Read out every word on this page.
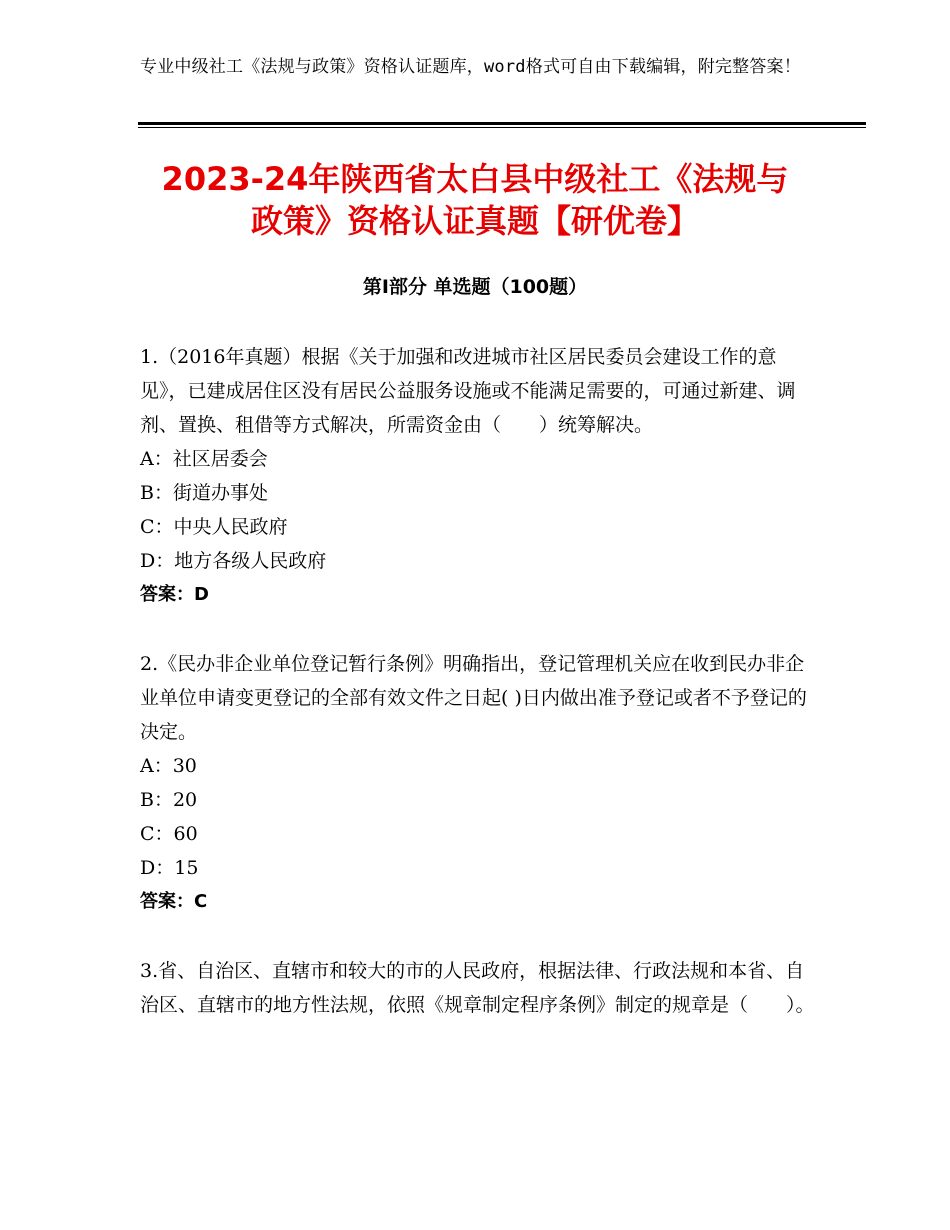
专业中级社工《法规与政策》资格认证题库，word格式可自由下载编辑，附完整答案！
2023-24年陕西省太白县中级社工《法规与政策》资格认证真题【研优卷】
第Ⅰ部分 单选题（100题）

1.（2016年真题）根据《关于加强和改进城市社区居民委员会建设工作的意见》，已建成居住区没有居民公益服务设施或不能满足需要的，可通过新建、调剂、置换、租借等方式解决，所需资金由（　　）统筹解决。

A：社区居委会

B：街道办事处

C：中央人民政府

D：地方各级人民政府

答案：D

2.《民办非企业单位登记暂行条例》明确指出，登记管理机关应在收到民办非企业单位申请变更登记的全部有效文件之日起( )日内做出准予登记或者不予登记的决定。

A：30

B：20

C：60

D：15

答案：C

3.省、自治区、直辖市和较大的市的人民政府，根据法律、行政法规和本省、自治区、直辖市的地方性法规，依照《规章制定程序条例》制定的规章是（　　）。
